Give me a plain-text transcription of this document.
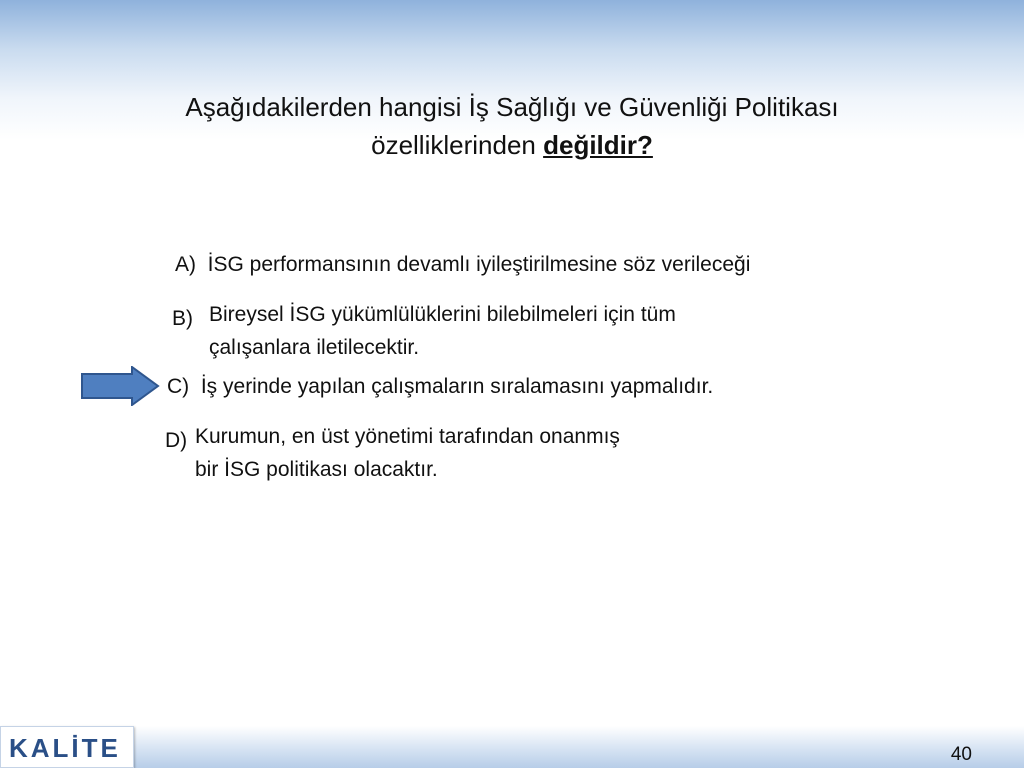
Aşağıdakilerden hangisi İş Sağlığı ve Güvenliği Politikası
özelliklerinden değildir?
A) İSG performansının devamlı iyileştirilmesine söz verileceği
B) Bireysel İSG yükümlülüklerini bilebilmeleri için tüm
çalışanlara iletilecektir.
C) İş yerinde yapılan çalışmaların sıralamasını yapmalıdır.
D) Kurumun, en üst yönetimi tarafından onanmış
bir İSG politikası olacaktır.
KALİTE	40
